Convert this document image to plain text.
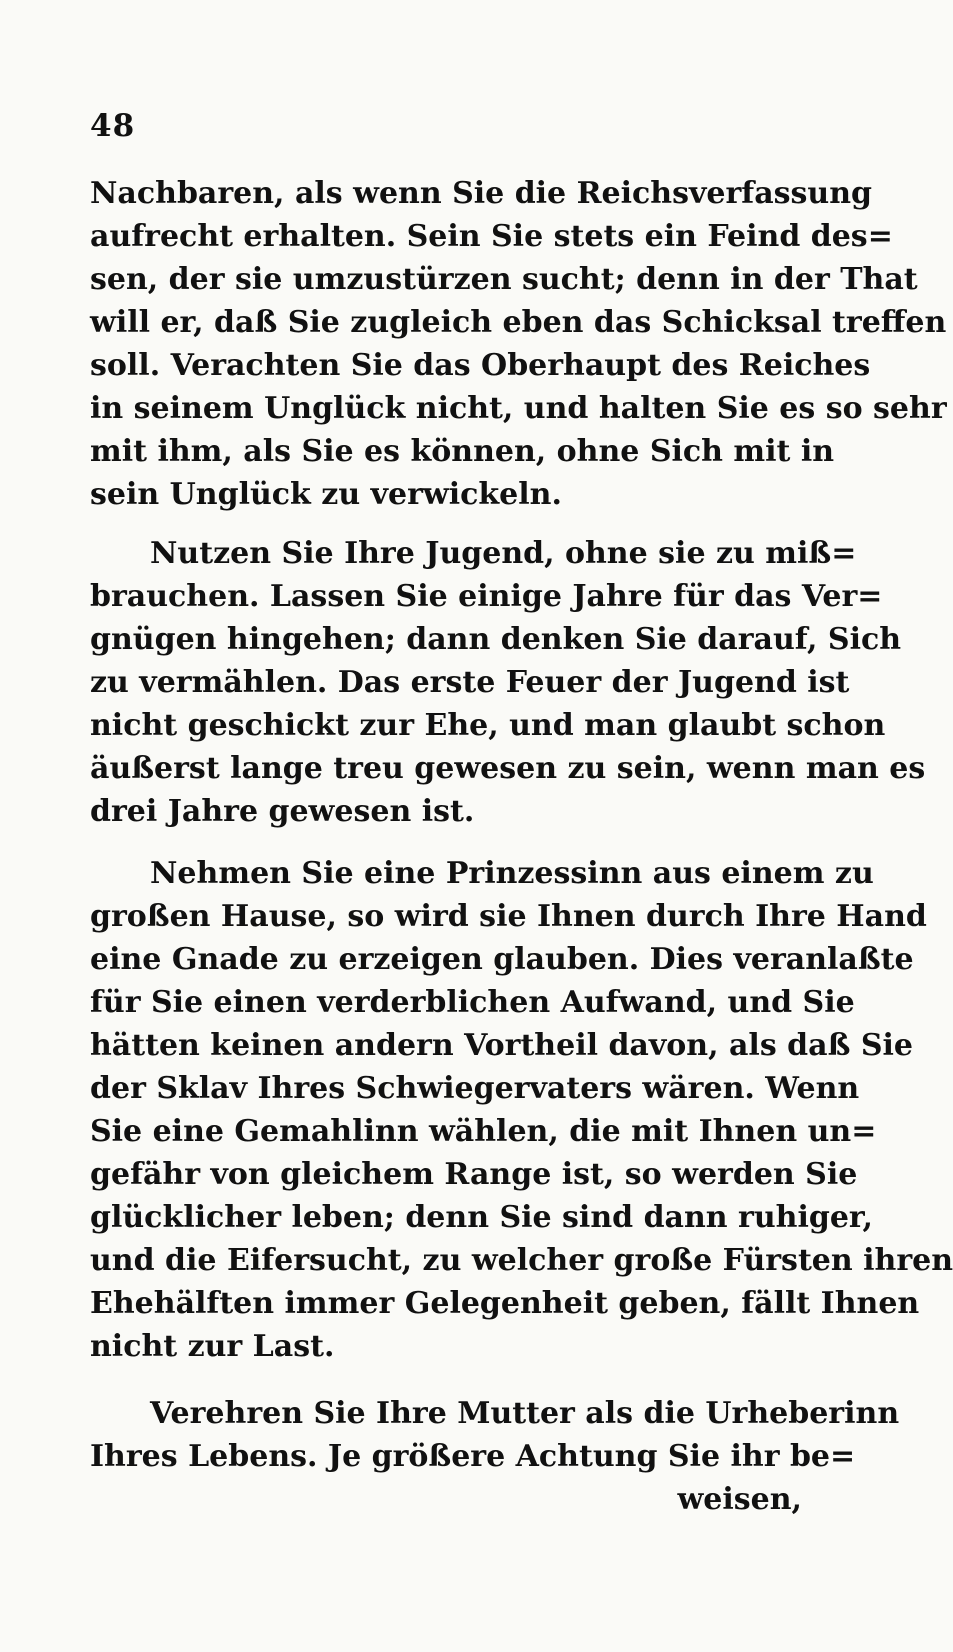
48
Nachbaren, als wenn Sie die Reichsverfassung
aufrecht erhalten. Sein Sie stets ein Feind des=
sen, der sie umzustürzen sucht; denn in der That
will er, daß Sie zugleich eben das Schicksal treffen
soll. Verachten Sie das Oberhaupt des Reiches
in seinem Unglück nicht, und halten Sie es so sehr
mit ihm, als Sie es können, ohne Sich mit in
sein Unglück zu verwickeln.
Nutzen Sie Ihre Jugend, ohne sie zu miß=
brauchen. Lassen Sie einige Jahre für das Ver=
gnügen hingehen; dann denken Sie darauf, Sich
zu vermählen. Das erste Feuer der Jugend ist
nicht geschickt zur Ehe, und man glaubt schon
äußerst lange treu gewesen zu sein, wenn man es
drei Jahre gewesen ist.
Nehmen Sie eine Prinzessinn aus einem zu
großen Hause, so wird sie Ihnen durch Ihre Hand
eine Gnade zu erzeigen glauben. Dies veranlaßte
für Sie einen verderblichen Aufwand, und Sie
hätten keinen andern Vortheil davon, als daß Sie
der Sklav Ihres Schwiegervaters wären. Wenn
Sie eine Gemahlinn wählen, die mit Ihnen un=
gefähr von gleichem Range ist, so werden Sie
glücklicher leben; denn Sie sind dann ruhiger,
und die Eifersucht, zu welcher große Fürsten ihren
Ehehälften immer Gelegenheit geben, fällt Ihnen
nicht zur Last.
Verehren Sie Ihre Mutter als die Urheberinn
Ihres Lebens. Je größere Achtung Sie ihr be=
weisen,
